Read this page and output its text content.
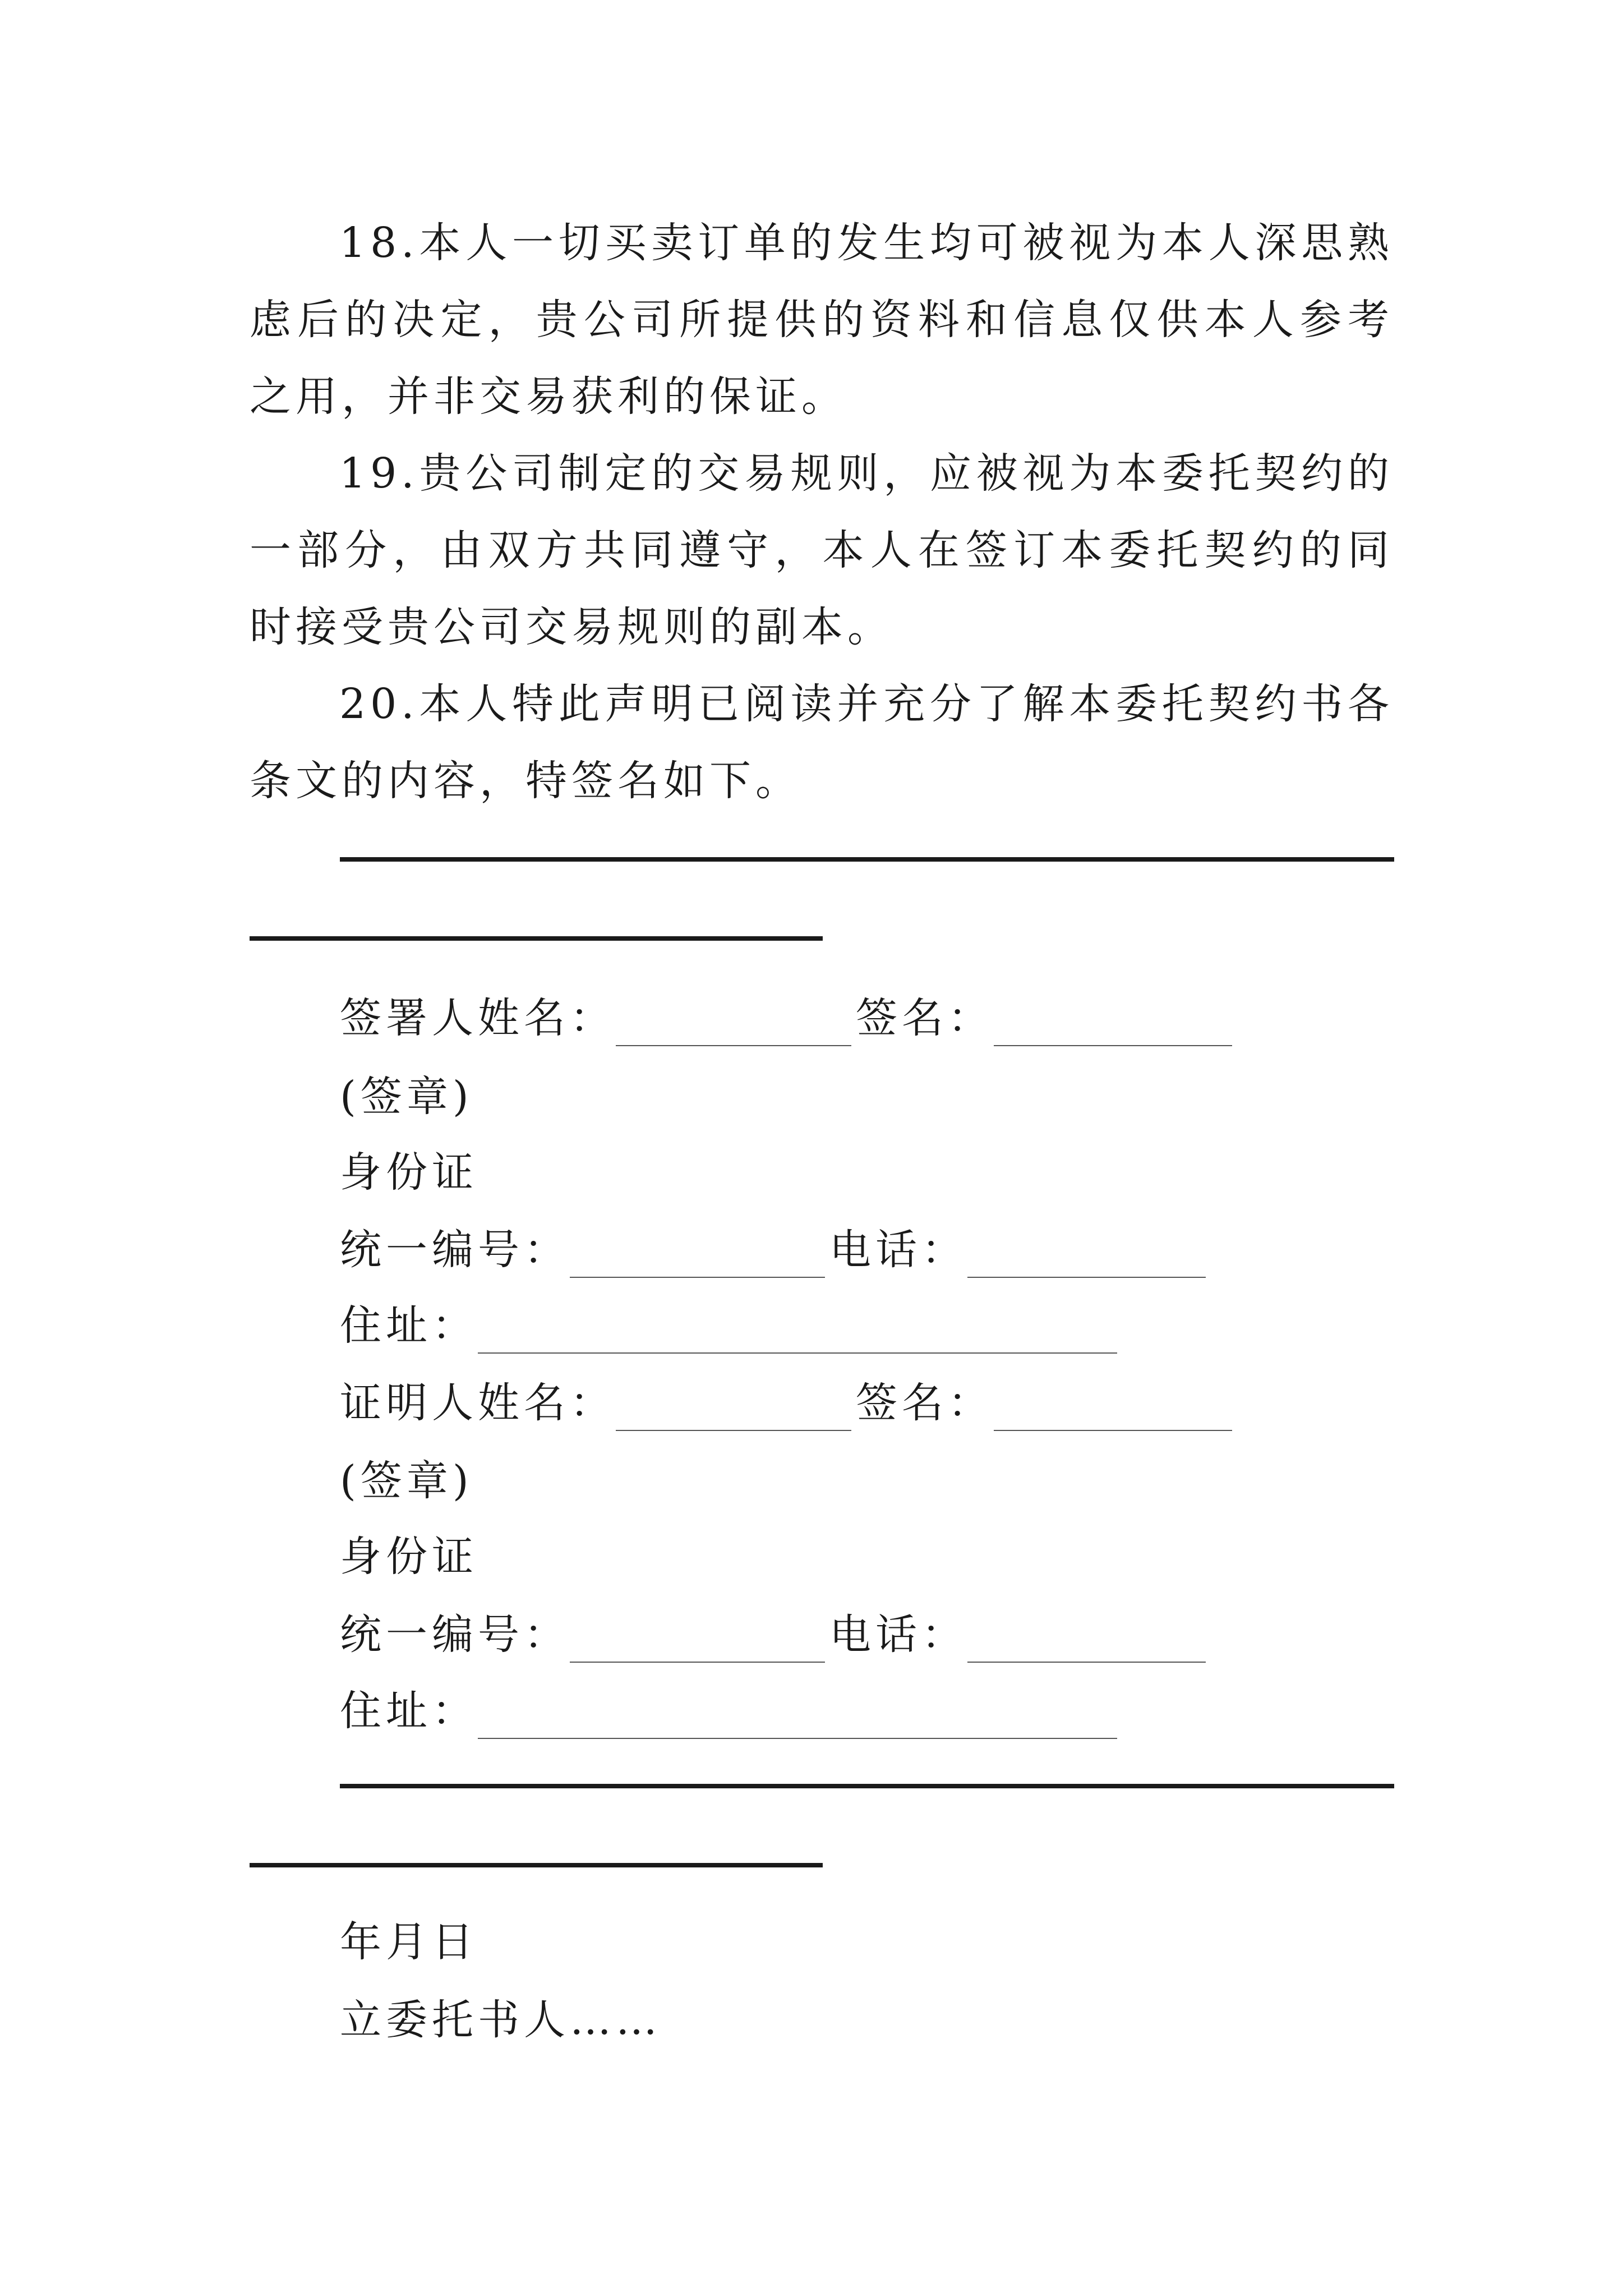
18.本人一切买卖订单的发生均可被视为本人深思熟虑后的决定，贵公司所提供的资料和信息仅供本人参考之用，并非交易获利的保证。

19.贵公司制定的交易规则，应被视为本委托契约的一部分，由双方共同遵守，本人在签订本委托契约的同时接受贵公司交易规则的副本。

20.本人特此声明已阅读并充分了解本委托契约书各条文的内容，特签名如下。

签署人姓名：	签名：
(签章)
身份证
统一编号：	电话：
住址：
证明人姓名：	签名：
(签章)
身份证
统一编号：	电话：
住址：
年月日
立委托书人……
